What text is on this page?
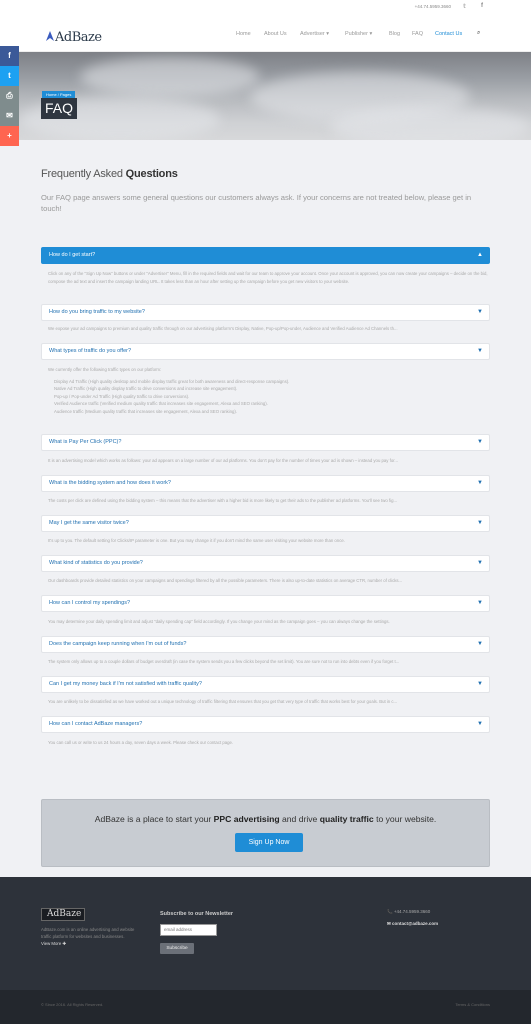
+44.74.5959.3660 𝕥	f
AdBaze	Home About Us Advertiser ▾	Publisher ▾	Blog FAQ Contact Us ⌕
Home / Pages
FAQ
f
t
⎙
✉
+
Frequently Asked Questions
Our FAQ page answers some general questions our customers always ask. If your concerns are not treated below, please get in touch!
How do I get start?	▲
Click on any of the "Sign Up Now" buttons or under "Advertiser" Menu, fill in the required fields and wait for our team to approve your account. Once your account is approved, you can now create your campaigns – decide on the bid, compose the ad text and insert the campaign landing URL. It takes less than an hour after setting up the campaign before you get new visitors to your website.
How do you bring traffic to my website?	▼
We expose your ad campaigns to premium and quality traffic through on our advertising platform's Display, Native, Pop-up/Pop-under, Audience and Verified Audience Ad Channels th...
What types of traffic do you offer?	▼
We currently offer the following traffic types on our platform:
• Display Ad Traffic (High quality desktop and mobile display traffic great for both awareness and direct-response campaigns).
• Native Ad Traffic (High quality display traffic to drive conversions and increase site engagement).
• Pop-up / Pop-under Ad Traffic (High quality traffic to drive conversions).
• Verified Audience traffic (Verified medium quality traffic that increases site engagement, Alexa and SEO ranking).
• Audience traffic (Medium quality traffic that increases site engagement, Alexa and SEO ranking).
What is Pay Per Click (PPC)?	▼
It is an advertising model which works as follows: your ad appears on a large number of our ad platforms. You don't pay for the number of times your ad is shown – instead you pay for...
What is the bidding system and how does it work?	▼
The costs per click are defined using the bidding system – this means that the advertiser with a higher bid is more likely to get their ads to the publisher ad platforms. You'll see two fig...
May I get the same visitor twice?	▼
It's up to you. The default setting for Clicks/IP parameter is one. But you may change it if you don't mind the same user visiting your website more than once.
What kind of statistics do you provide?	▼
Our dashboards provide detailed statistics on your campaigns and spendings filtered by all the possible parameters. There is also up-to-date statistics on average CTR, number of clicks...
How can I control my spendings?	▼
You may determine your daily spending limit and adjust "daily spending cap" field accordingly. If you change your mind as the campaign goes – you can always change the settings.
Does the campaign keep running when I'm out of funds?	▼
The system only allows up to a couple dollars of budget overdraft (in case the system sends you a few clicks beyond the set limit). You are sure not to run into debts even if you forget t...
Can I get my money back if I'm not satisfied with traffic quality?	▼
You are unlikely to be dissatisfied as we have worked out a unique technology of traffic filtering that ensures that you get that very type of traffic that works best for your goals. But in c...
How can I contact AdBaze managers?	▼
You can call us or write to us 24 hours a day, seven days a week. Please check our contact page.

AdBaze is a place to start your PPC advertising and drive quality traffic to your website.

Sign Up Now
AdBaze
AdBaze.com is an online advertising and website traffic platform for websites and businesses.   View More ✚
Subscribe to our Newsletter
email address
Subscribe
📞 +44.74.5959.3660
✉ contact@adbaze.com
© Since 2016. All Rights Reserved.	Terms & Conditions
